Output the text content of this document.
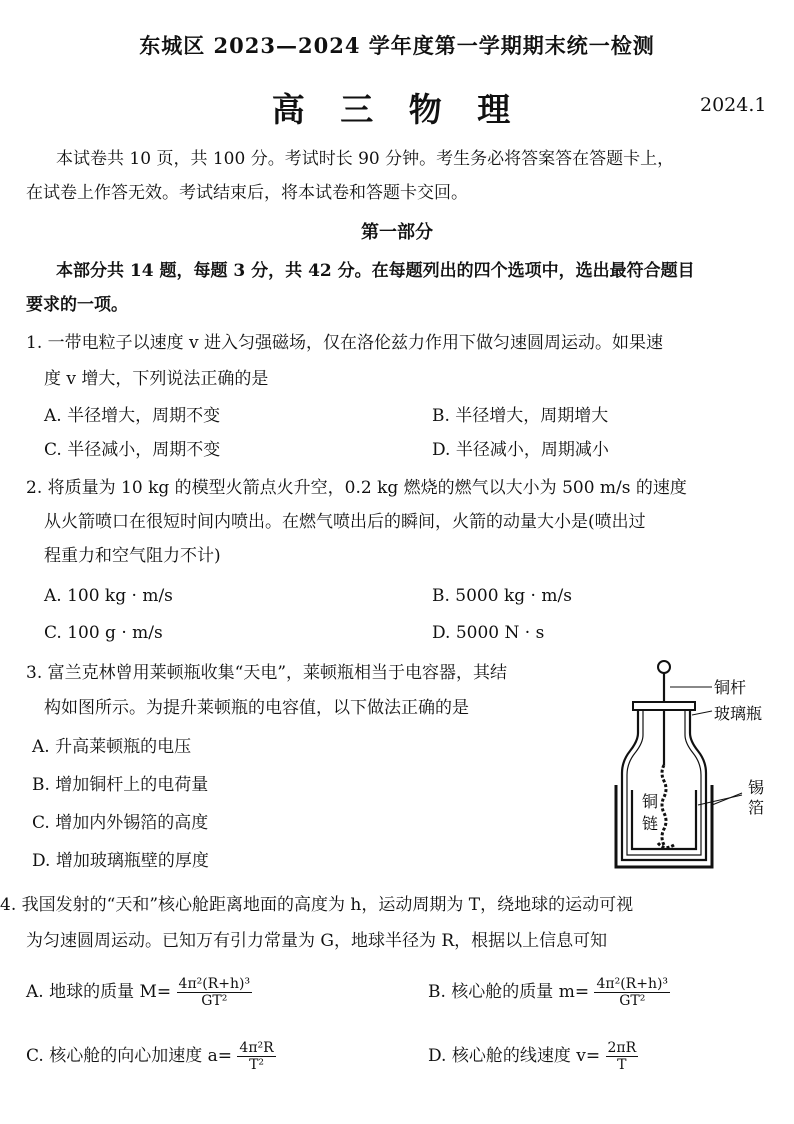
东城区 2023—2024 学年度第一学期期末统一检测
高 三 物 理	2024.1
本试卷共 10 页，共 100 分。考试时长 90 分钟。考生务必将答案答在答题卡上，
在试卷上作答无效。考试结束后，将本试卷和答题卡交回。
第一部分
本部分共 14 题，每题 3 分，共 42 分。在每题列出的四个选项中，选出最符合题目
要求的一项。
1. 一带电粒子以速度 v 进入匀强磁场，仅在洛伦兹力作用下做匀速圆周运动。如果速
度 v 增大，下列说法正确的是
A. 半径增大，周期不变	B. 半径增大，周期增大
C. 半径减小，周期不变	D. 半径减小，周期减小
2. 将质量为 10 kg 的模型火箭点火升空，0.2 kg 燃烧的燃气以大小为 500 m/s 的速度
从火箭喷口在很短时间内喷出。在燃气喷出后的瞬间，火箭的动量大小是(喷出过
程重力和空气阻力不计)
A. 100 kg · m/s	B. 5000 kg · m/s
C. 100 g · m/s	D. 5000 N · s
3. 富兰克林曾用莱顿瓶收集“天电”，莱顿瓶相当于电容器，其结
构如图所示。为提升莱顿瓶的电容值，以下做法正确的是
A. 升高莱顿瓶的电压
B. 增加铜杆上的电荷量
C. 增加内外锡箔的高度
D. 增加玻璃瓶壁的厚度
铜杆
玻璃瓶
锡
箔
铜
链
4. 我国发射的“天和”核心舱距离地面的高度为 h，运动周期为 T，绕地球的运动可视
为匀速圆周运动。已知万有引力常量为 G，地球半径为 R，根据以上信息可知
A. 地球的质量 $M= \frac{\text{4π²(R+h)³}}{\text{GT²}}$	B. 核心舱的质量 $m= \frac{\text{4π²(R+h)³}}{\text{GT²}}$
C. 核心舱的向心加速度 $a= \frac{\text{4π²R}}{\text{T²}}$	D. 核心舱的线速度 $v= \frac{2\pi R}{T}$
